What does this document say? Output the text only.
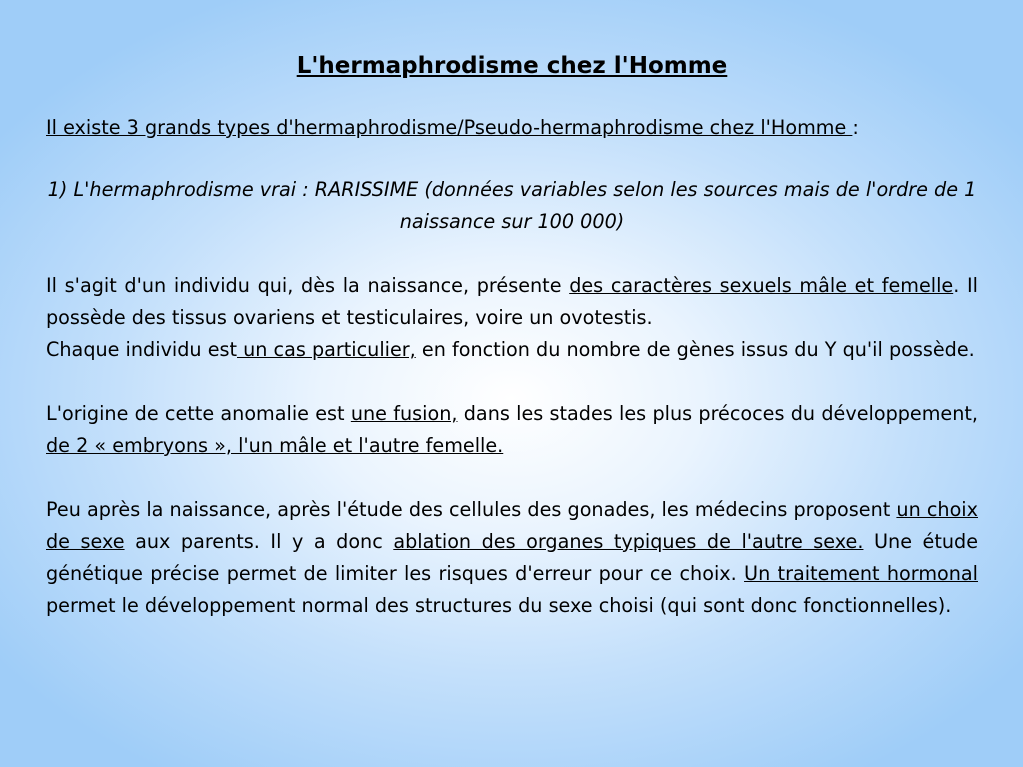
L'hermaphrodisme chez l'Homme

Il existe 3 grands types d'hermaphrodisme/Pseudo-hermaphrodisme chez l'Homme :

1) L'hermaphrodisme vrai : RARISSIME (données variables selon les sources mais de l'ordre de 1 naissance sur 100 000)

Il s'agit d'un individu qui, dès la naissance, présente des caractères sexuels mâle et femelle. Il possède des tissus ovariens et testiculaires, voire un ovotestis.

Chaque individu est un cas particulier, en fonction du nombre de gènes issus du Y qu'il possède.

L'origine de cette anomalie est une fusion, dans les stades les plus précoces du développement, de 2 « embryons », l'un mâle et l'autre femelle.

Peu après la naissance, après l'étude des cellules des gonades, les médecins proposent un choix de sexe aux parents. Il y a donc ablation des organes typiques de l'autre sexe. Une étude génétique précise permet de limiter les risques d'erreur pour ce choix. Un traitement hormonal permet le développement normal des structures du sexe choisi (qui sont donc fonctionnelles).
